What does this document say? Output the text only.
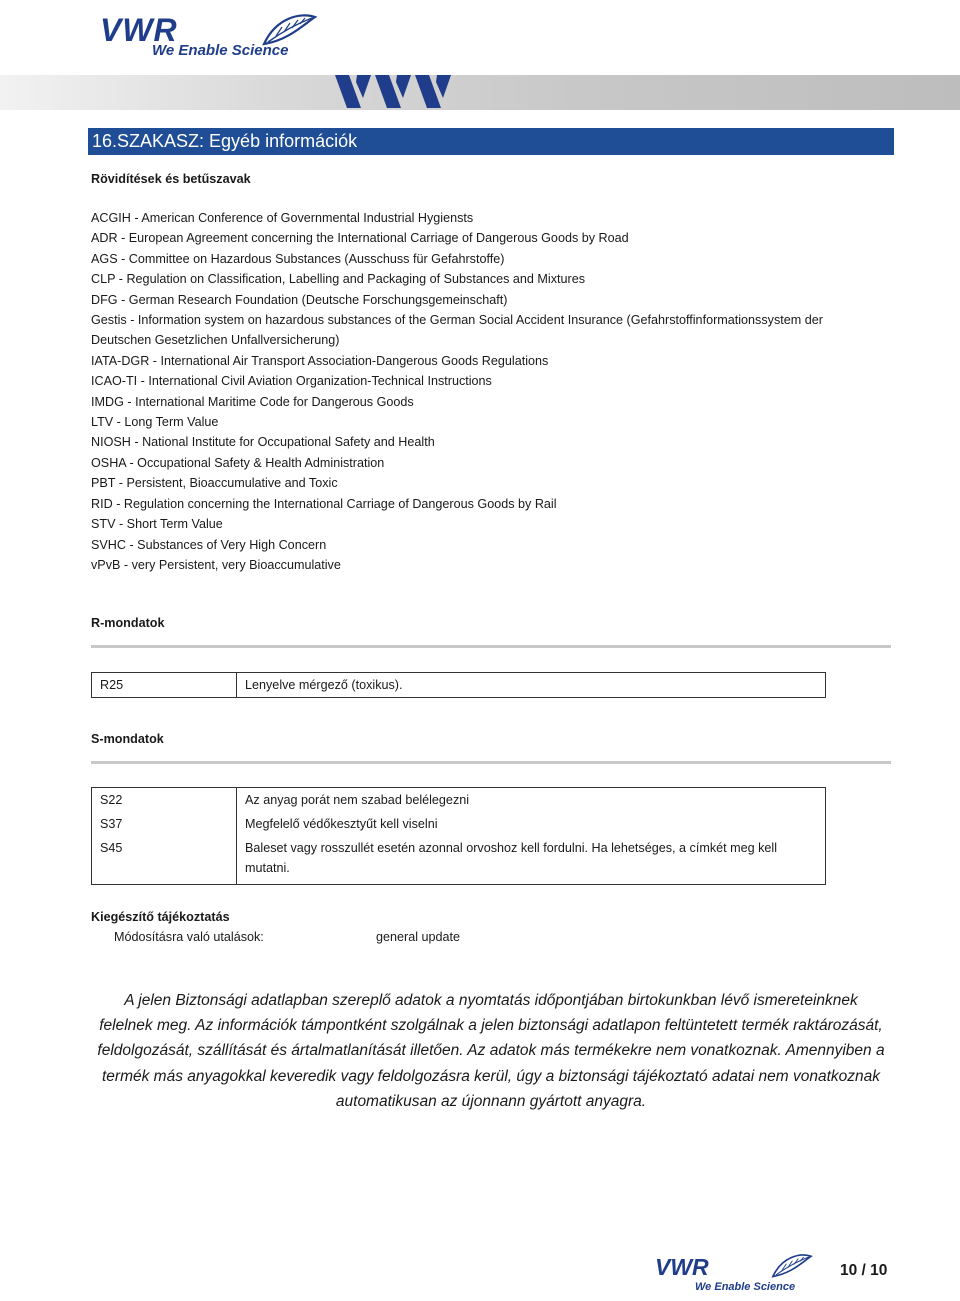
VWR
We Enable Science
16.SZAKASZ: Egyéb információk
Rövidítések és betűszavak
ACGIH - American Conference of Governmental Industrial Hygiensts
ADR - European Agreement concerning the International Carriage of Dangerous Goods by Road
AGS - Committee on Hazardous Substances (Ausschuss für Gefahrstoffe)
CLP - Regulation on Classification, Labelling and Packaging of Substances and Mixtures
DFG - German Research Foundation (Deutsche Forschungsgemeinschaft)
Gestis - Information system on hazardous substances of the German Social Accident Insurance (Gefahrstoffinformationssystem der
Deutschen Gesetzlichen Unfallversicherung)
IATA-DGR - International Air Transport Association-Dangerous Goods Regulations
ICAO-TI - International Civil Aviation Organization-Technical Instructions
IMDG - International Maritime Code for Dangerous Goods
LTV - Long Term Value
NIOSH - National Institute for Occupational Safety and Health
OSHA - Occupational Safety & Health Administration
PBT - Persistent, Bioaccumulative and Toxic
RID - Regulation concerning the International Carriage of Dangerous Goods by Rail
STV - Short Term Value
SVHC - Substances of Very High Concern
vPvB - very Persistent, very Bioaccumulative
R-mondatok
R25	Lenyelve mérgező (toxikus).
S-mondatok
S22	Az anyag porát nem szabad belélegezni
S37	Megfelelő védőkesztyűt kell viselni
S45	Baleset vagy rosszullét esetén azonnal orvoshoz kell fordulni. Ha lehetséges, a címkét meg kell mutatni.
Kiegészítő tájékoztatás
Módosításra való utalások:	general update
A jelen Biztonsági adatlapban szereplő adatok a nyomtatás időpontjában birtokunkban lévő ismereteinknek felelnek meg. Az információk támpontként szolgálnak a jelen biztonsági adatlapon feltüntetett termék raktározását, feldolgozását, szállítását és ártalmatlanítását illetően. Az adatok más termékekre nem vonatkoznak. Amennyiben a termék más anyagokkal keveredik vagy feldolgozásra kerül, úgy a biztonsági tájékoztató adatai nem vonatkoznak automatikusan az újonnann gyártott anyagra.
VWR
We Enable Science
10 / 10
